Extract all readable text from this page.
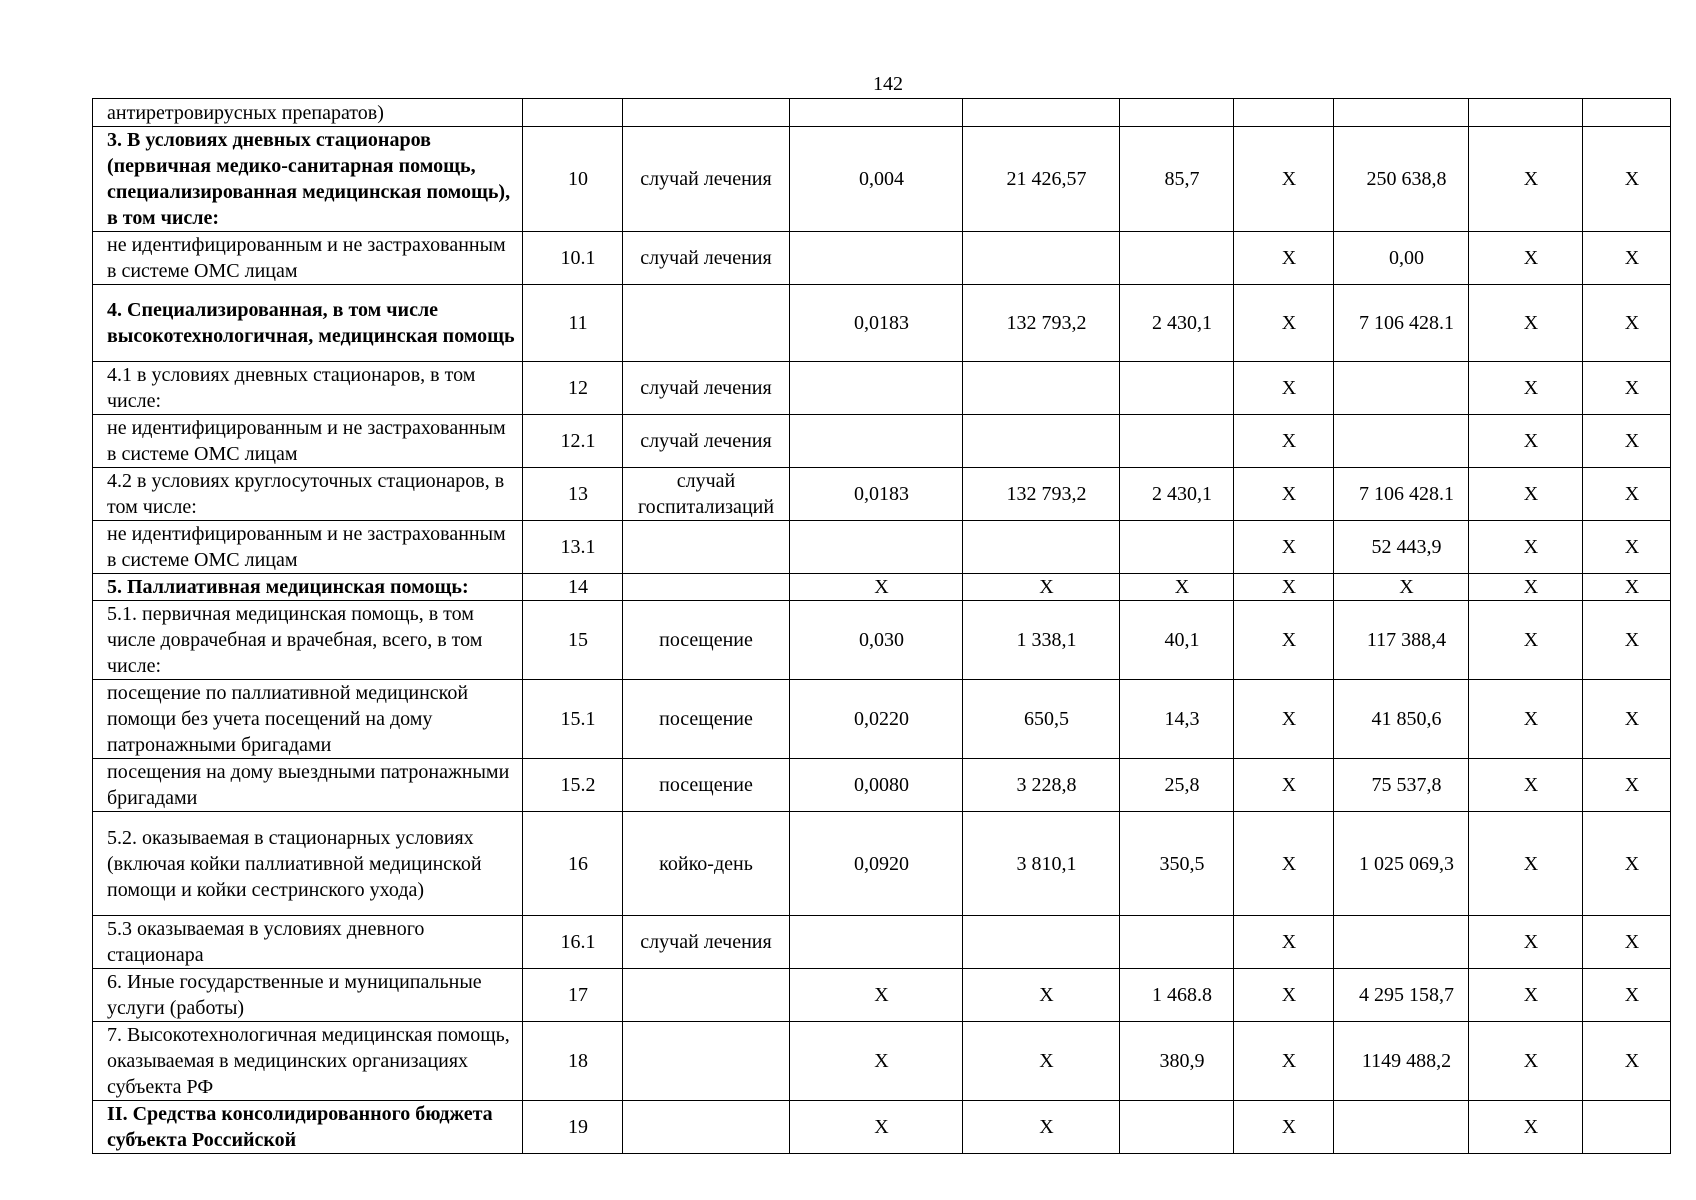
142
антиретровирусных препаратов)									
3. В условиях дневных стационаров (первичная медико-санитарная помощь, специализированная медицинская помощь), в том числе:	10	случай лечения	0,004	21 426,57	85,7	X	250 638,8	X	X
не идентифицированным и не застрахованным в системе ОМС лицам	10.1	случай лечения				X	0,00	X	X
4. Специализированная, в том числе высокотехнологичная, медицинская помощь	11		0,0183	132 793,2	2 430,1	X	7 106 428.1	X	X
4.1 в условиях дневных стационаров, в том числе:	12	случай лечения				X		X	X
не идентифицированным и не застрахованным в системе ОМС лицам	12.1	случай лечения				X		X	X
4.2 в условиях круглосуточных стационаров, в том числе:	13	случай госпитализаций	0,0183	132 793,2	2 430,1	X	7 106 428.1	X	X
не идентифицированным и не застрахованным в системе ОМС лицам	13.1					X	52 443,9	X	X
5. Паллиативная медицинская помощь:	14		X	X	X	X	X	X	X
5.1. первичная медицинская помощь, в том числе доврачебная и врачебная, всего, в том числе:	15	посещение	0,030	1 338,1	40,1	X	117 388,4	X	X
посещение по паллиативной медицинской помощи без учета посещений на дому патронажными бригадами	15.1	посещение	0,0220	650,5	14,3	X	41 850,6	X	X
посещения на дому выездными патронажными бригадами	15.2	посещение	0,0080	3 228,8	25,8	X	75 537,8	X	X
5.2. оказываемая в стационарных условиях (включая койки паллиативной медицинской помощи и койки сестринского ухода)	16	койко-день	0,0920	3 810,1	350,5	X	1 025 069,3	X	X
5.3 оказываемая в условиях дневного стационара	16.1	случай лечения				X		X	X
6. Иные государственные и муниципальные услуги (работы)	17		X	X	1 468.8	X	4 295 158,7	X	X
7. Высокотехнологичная медицинская помощь, оказываемая в медицинских организациях субъекта РФ	18		X	X	380,9	X	1149 488,2	X	X
II. Средства консолидированного бюджета субъекта Российской	19		X	X		X		X	
